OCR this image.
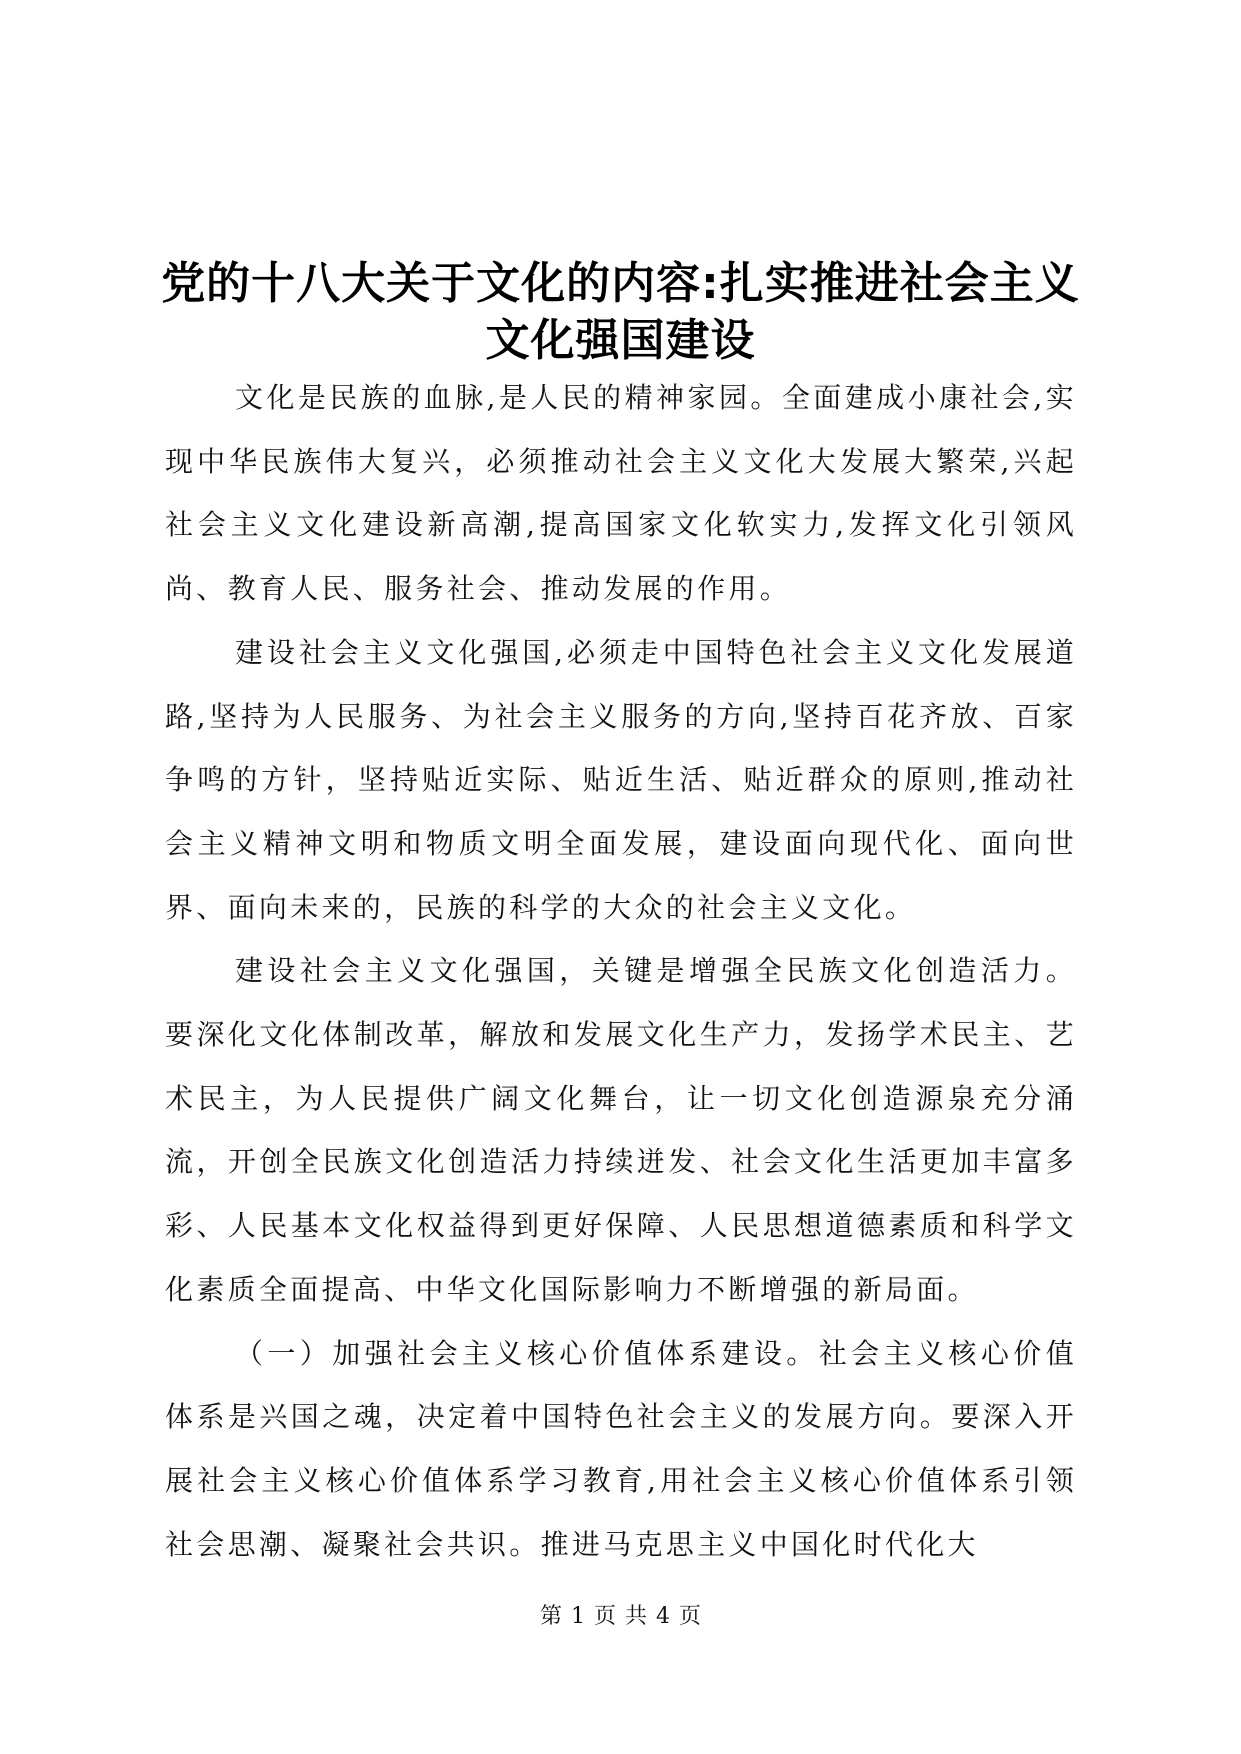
党的十八大关于文化的内容:扎实推进社会主义文化强国建设

文化是民族的血脉,是人民的精神家园。全面建成小康社会,实现中华民族伟大复兴，必须推动社会主义文化大发展大繁荣,兴起社会主义文化建设新高潮,提高国家文化软实力,发挥文化引领风尚、教育人民、服务社会、推动发展的作用。

建设社会主义文化强国,必须走中国特色社会主义文化发展道路,坚持为人民服务、为社会主义服务的方向,坚持百花齐放、百家争鸣的方针，坚持贴近实际、贴近生活、贴近群众的原则,推动社会主义精神文明和物质文明全面发展，建设面向现代化、面向世界、面向未来的，民族的科学的大众的社会主义文化。

建设社会主义文化强国，关键是增强全民族文化创造活力。要深化文化体制改革，解放和发展文化生产力，发扬学术民主、艺术民主，为人民提供广阔文化舞台，让一切文化创造源泉充分涌流，开创全民族文化创造活力持续迸发、社会文化生活更加丰富多彩、人民基本文化权益得到更好保障、人民思想道德素质和科学文化素质全面提高、中华文化国际影响力不断增强的新局面。

（一）加强社会主义核心价值体系建设。社会主义核心价值体系是兴国之魂，决定着中国特色社会主义的发展方向。要深入开展社会主义核心价值体系学习教育,用社会主义核心价值体系引领社会思潮、凝聚社会共识。推进马克思主义中国化时代化大

第 1 页 共 4 页
